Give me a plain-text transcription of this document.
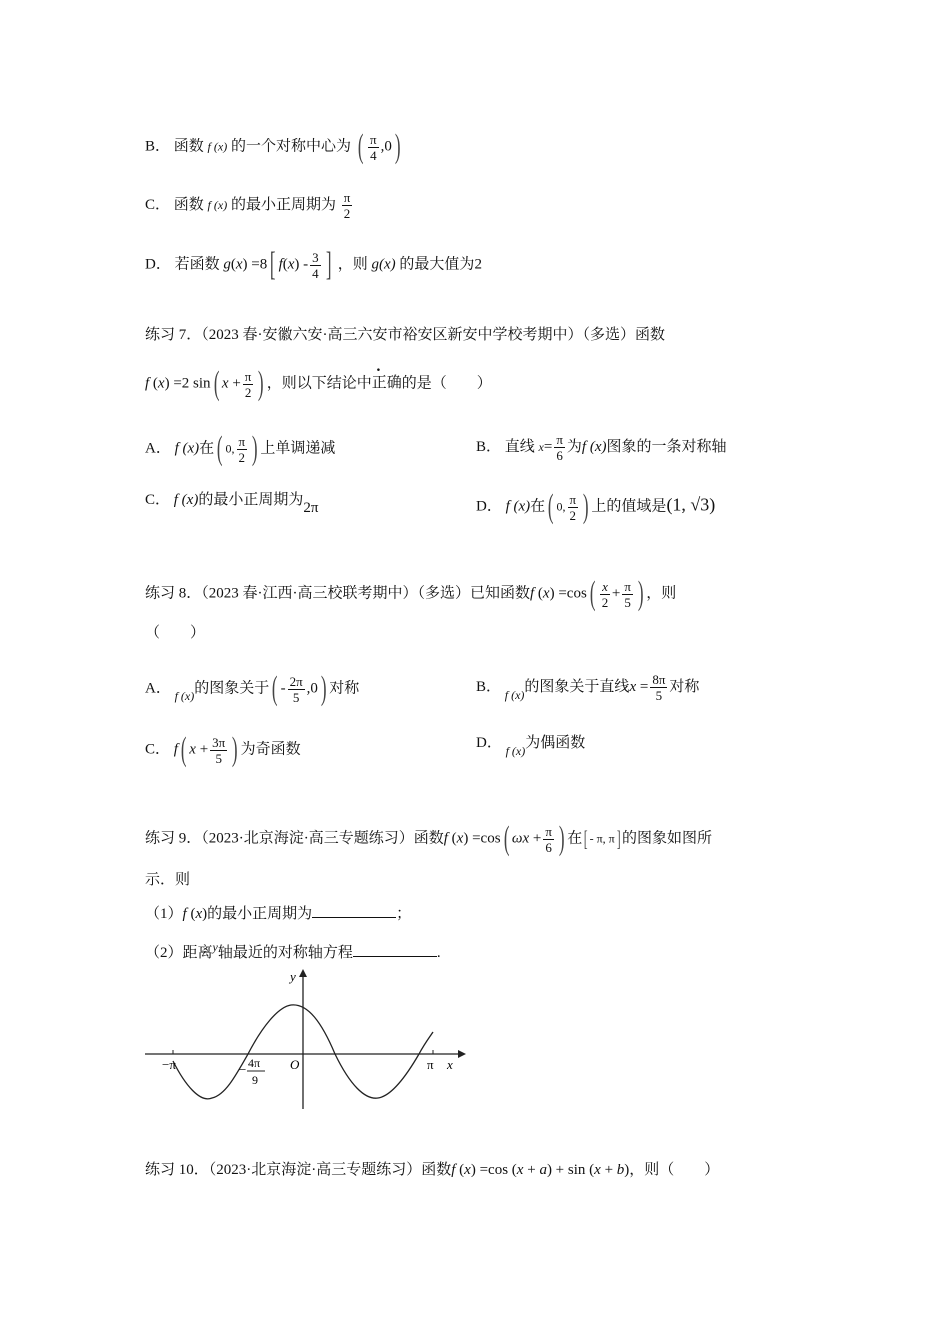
B． 函数 f (x) 的一个对称中心为 ( $\frac{\pi}{4} ,0$)
C． 函数 f (x) 的最小正周期为 $\frac{\pi}{2}$
D． 若函数 g(x) =8[ $f(x) - \frac{3}{4}$ ] ，则 g(x) 的最大值为2
练习 7．（2023 春·安徽六安·高三六安市裕安区新安中学校考期中）（多选）函数
f (x) =2 sin( $x + \frac{\pi}{2}$ ) ，则以下结论中正确的是（　　）
A． f (x)在( 0, $\frac{\pi}{2}$ ) 上单调递减	B． 直线 $x= \frac{\pi}{6}$ 为f (x)图象的一条对称轴
C． f (x)的最小正周期为2π	D． f (x)在( 0, $\frac{\pi}{2}$ ) 上的值域是(1, √3)
练习 8．（2023 春·江西·高三校联考期中）（多选）已知函数f $(x) =\cos( \frac{x}{2} + \frac{\pi}{5}$ ) ，则
（　　）
A． $_{f (x)}$的图象关于( - $\frac{2\pi}{5} ,0$) 对称	B． $_{f (x)}$的图象关于直线$x = \frac{8\pi}{5}$ 对称
C． f( $x + \frac{3\pi}{5}$ ) 为奇函数	D． $_{f (x)}$为偶函数
练习 9．（2023·北京海淀·高三专题练习）函数f (x) =cos( $\omega x + \frac{\pi}{6}$ ) 在[ - π, π] 的图象如图所
示．则
（1）f (x)的最小正周期为	；
（2）距离$^y$轴最近的对称轴方程	.
−π	π
O	x
y
− 4π
9
练习 10．（2023·北京海淀·高三专题练习）函数f (x) =cos (x + a) + sin (x + b)，则（　　）
